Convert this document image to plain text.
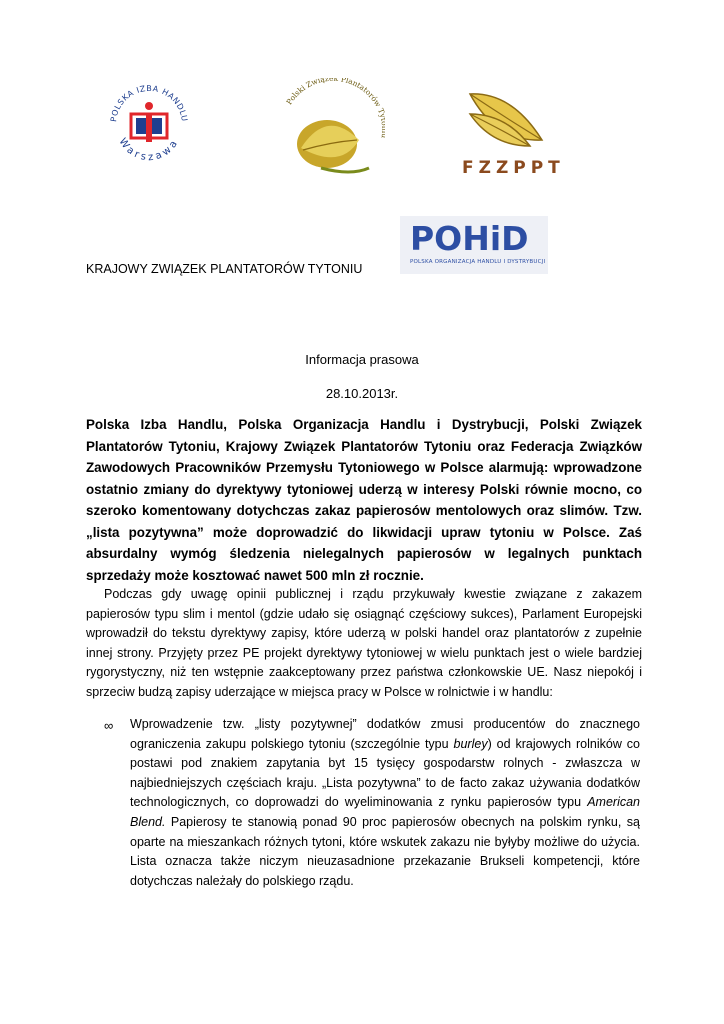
POLSKA IZBA HANDLU
Warszawa
Polski Związek Plantatorów
FZZPPT
POHiD
POLSKA ORGANIZACJA HANDLU I DYSTRYBUCJI
KRAJOWY ZWIĄZEK PLANTATORÓW TYTONIU
Informacja prasowa
28.10.2013r.
Polska Izba Handlu, Polska Organizacja Handlu i Dystrybucji, Polski Związek Plantatorów Tytoniu, Krajowy Związek Plantatorów Tytoniu oraz Federacja Związków Zawodowych Pracowników Przemysłu Tytoniowego w Polsce alarmują: wprowadzone ostatnio zmiany do dyrektywy tytoniowej uderzą w interesy Polski równie mocno, co szeroko komentowany dotychczas zakaz papierosów mentolowych oraz slimów. Tzw. „lista pozytywna” może doprowadzić do likwidacji upraw tytoniu w Polsce. Zaś absurdalny wymóg śledzenia nielegalnych papierosów w legalnych punktach sprzedaży może kosztować nawet 500 mln zł rocznie.
Podczas gdy uwagę opinii publicznej i rządu przykuwały kwestie związane z zakazem papierosów typu slim i mentol (gdzie udało się osiągnąć częściowy sukces), Parlament Europejski wprowadził do tekstu dyrektywy zapisy, które uderzą w polski handel oraz plantatorów z zupełnie innej strony. Przyjęty przez PE projekt dyrektywy tytoniowej w wielu punktach jest o wiele bardziej rygorystyczny, niż ten wstępnie zaakceptowany przez państwa członkowskie UE. Nasz niepokój i sprzeciw budzą zapisy uderzające w miejsca pracy w Polsce w rolnictwie i w handlu:
∞ Wprowadzenie tzw. „listy pozytywnej” dodatków zmusi producentów do znacznego ograniczenia zakupu polskiego tytoniu (szczególnie typu burley) od krajowych rolników co postawi pod znakiem zapytania byt 15 tysięcy gospodarstw rolnych - zwłaszcza w najbiedniejszych częściach kraju. „Lista pozytywna” to de facto zakaz używania dodatków technologicznych, co doprowadzi do wyeliminowania z rynku papierosów typu American Blend. Papierosy te stanowią ponad 90 proc papierosów obecnych na polskim rynku, są oparte na mieszankach różnych tytoni, które wskutek zakazu nie byłyby możliwe do użycia. Lista oznacza także niczym nieuzasadnione przekazanie Brukseli kompetencji, które dotychczas należały do polskiego rządu.
